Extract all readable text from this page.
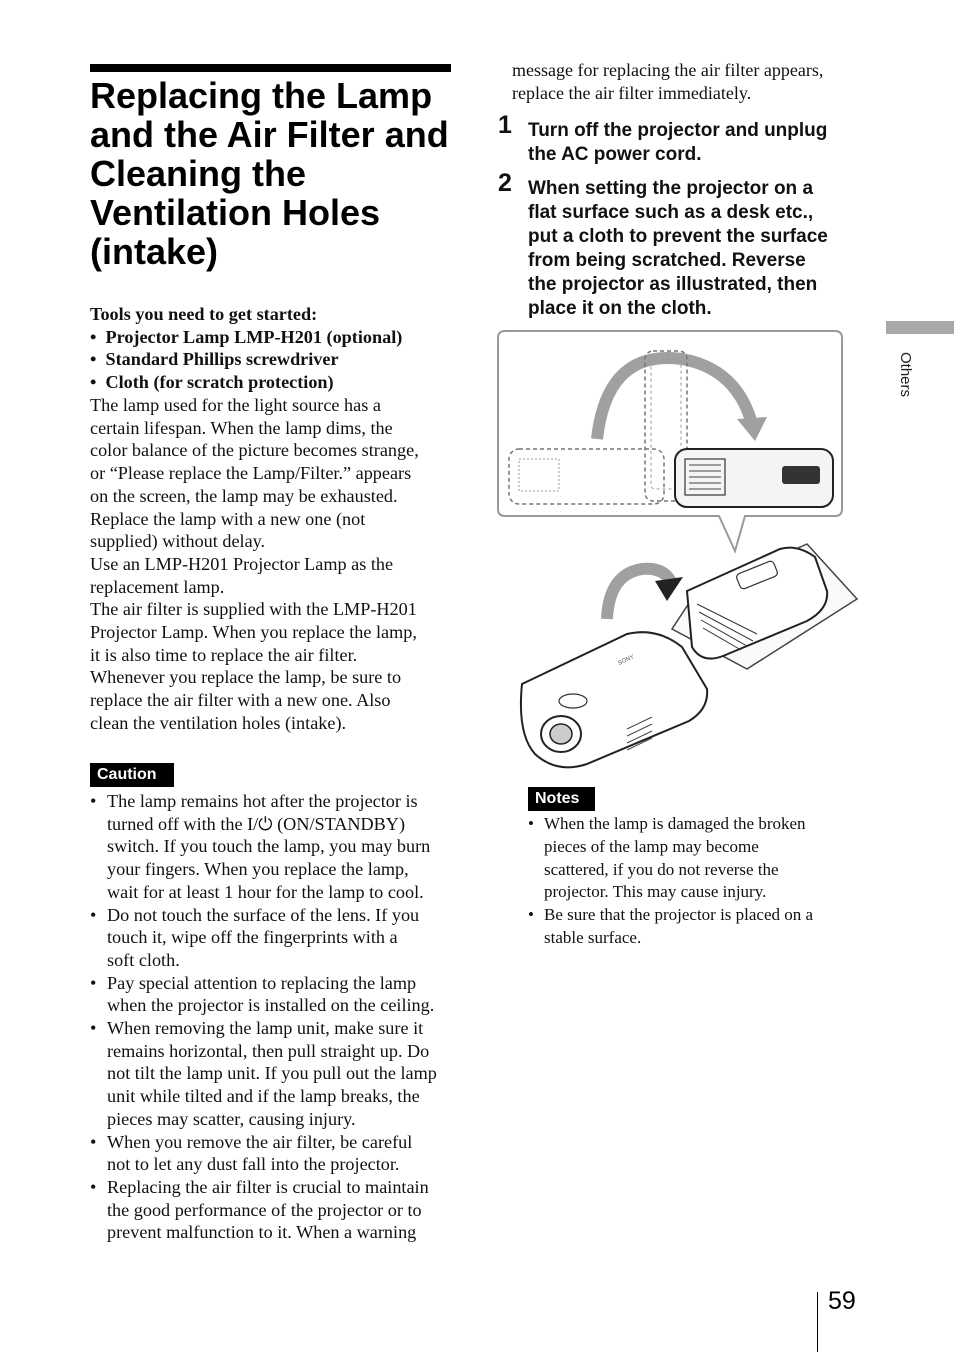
Replacing the Lamp
and the Air Filter and
Cleaning the
Ventilation Holes
(intake)
Tools you need to get started:
•  Projector Lamp LMP-H201 (optional)
•  Standard Phillips screwdriver
•  Cloth (for scratch protection)
The lamp used for the light source has a
certain lifespan. When the lamp dims, the
color balance of the picture becomes strange,
or “Please replace the Lamp/Filter.” appears
on the screen, the lamp may be exhausted.
Replace the lamp with a new one (not
supplied) without delay.
Use an LMP-H201 Projector Lamp as the
replacement lamp.
The air filter is supplied with the LMP-H201
Projector Lamp. When you replace the lamp,
it is also time to replace the air filter.
Whenever you replace the lamp, be sure to
replace the air filter with a new one. Also
clean the ventilation holes (intake).
Caution
• The lamp remains hot after the projector is
turned off with the I/⏻ (ON/STANDBY)
switch. If you touch the lamp, you may burn
your fingers. When you replace the lamp,
wait for at least 1 hour for the lamp to cool.
• Do not touch the surface of the lens. If you
touch it, wipe off the fingerprints with a
soft cloth.
• Pay special attention to replacing the lamp
when the projector is installed on the ceiling.
• When removing the lamp unit, make sure it
remains horizontal, then pull straight up. Do
not tilt the lamp unit. If you pull out the lamp
unit while tilted and if the lamp breaks, the
pieces may scatter, causing injury.
• When you remove the air filter, be careful
not to let any dust fall into the projector.
• Replacing the air filter is crucial to maintain
the good performance of the projector or to
prevent malfunction to it. When a warning
message for replacing the air filter appears,
replace the air filter immediately.
1 Turn off the projector and unplug
the AC power cord.
2 When setting the projector on a
flat surface such as a desk etc.,
put a cloth to prevent the surface
from being scratched. Reverse
the projector as illustrated, then
place it on the cloth.
SONY
Notes
• When the lamp is damaged the broken
pieces of the lamp may become
scattered, if you do not reverse the
projector. This may cause injury.
• Be sure that the projector is placed on a
stable surface.
Others
59
